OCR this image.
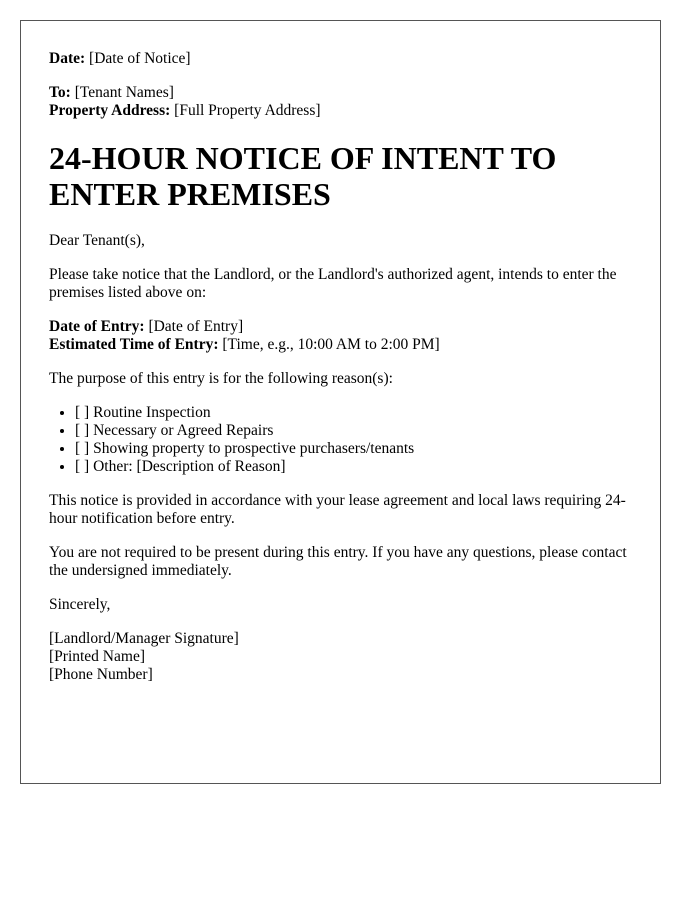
Date: [Date of Notice]

To: [Tenant Names]
Property Address: [Full Property Address]

24-HOUR NOTICE OF INTENT TO ENTER PREMISES

Dear Tenant(s),

Please take notice that the Landlord, or the Landlord's authorized agent, intends to enter the premises listed above on:

Date of Entry: [Date of Entry]
Estimated Time of Entry: [Time, e.g., 10:00 AM to 2:00 PM]

The purpose of this entry is for the following reason(s):

• [ ] Routine Inspection
• [ ] Necessary or Agreed Repairs
• [ ] Showing property to prospective purchasers/tenants
• [ ] Other: [Description of Reason]

This notice is provided in accordance with your lease agreement and local laws requiring 24-hour notification before entry.

You are not required to be present during this entry. If you have any questions, please contact the undersigned immediately.

Sincerely,

[Landlord/Manager Signature]
[Printed Name]
[Phone Number]
